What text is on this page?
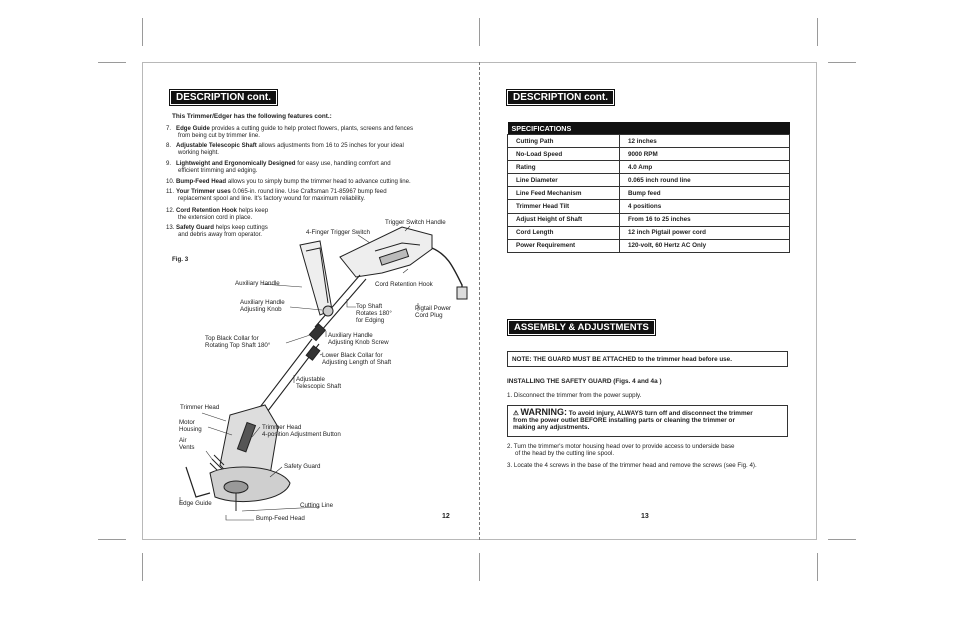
DESCRIPTION cont.
This Trimmer/Edger has the following features cont.:
7. Edge Guide provides a cutting guide to help protect flowers, plants, screens and fences
from being cut by trimmer line.
8. Adjustable Telescopic Shaft allows adjustments from 16 to 25 inches for your ideal
working height.
9. Lightweight and Ergonomically Designed for easy use, handling comfort and
efficient trimming and edging.
10. Bump-Feed Head allows you to simply bump the trimmer head to advance cutting line.
11. Your Trimmer uses 0.065-in. round line. Use Craftsman 71-85967 bump feed
replacement spool and line. It's factory wound for maximum reliability.
12. Cord Retention Hook helps keep
the extension cord in place.
13. Safety Guard helps keep cuttings
and debris away from operator.
Fig. 3
Trigger Switch Handle
4-Finger Trigger Switch
Auxiliary Handle	Cord Retention Hook
Auxiliary Handle
Adjusting Knob	Top Shaft
Rotates 180°
for Edging
Pigtail Power
Cord Plug
Top Black Collar for
Rotating Top Shaft 180°
Auxiliary Handle
Adjusting Knob Screw
Lower Black Collar for
Adjusting Length of Shaft
Adjustable
Telescopic Shaft
Trimmer Head
Motor
Housing	Trimmer Head
4-position Adjustment Button
Air
Vents
Safety Guard
Edge Guide	Cutting Line
Bump-Feed Head	12
DESCRIPTION cont.
SPECIFICATIONS	
Cutting Path	12 inches
No-Load Speed	9000 RPM
Rating	4.0 Amp
Line Diameter	0.065 inch round line
Line Feed Mechanism	Bump feed
Trimmer Head Tilt	4 positions
Adjust Height of Shaft	From 16 to 25 inches
Cord Length	12 inch Pigtail power cord
Power Requirement	120-volt, 60 Hertz AC Only
ASSEMBLY & ADJUSTMENTS
NOTE: THE GUARD MUST BE ATTACHED to the trimmer head before use.
INSTALLING THE SAFETY GUARD (Figs. 4 and 4a )
1. Disconnect the trimmer from the power supply.
⚠ WARNING: To avoid injury, ALWAYS turn off and disconnect the trimmer
from the power outlet BEFORE installing parts or cleaning the trimmer or
making any adjustments.
2. Turn the trimmer's motor housing head over to provide access to underside base
of the head by the cutting line spool.
3. Locate the 4 screws in the base of the trimmer head and remove the screws (see Fig. 4).
13
